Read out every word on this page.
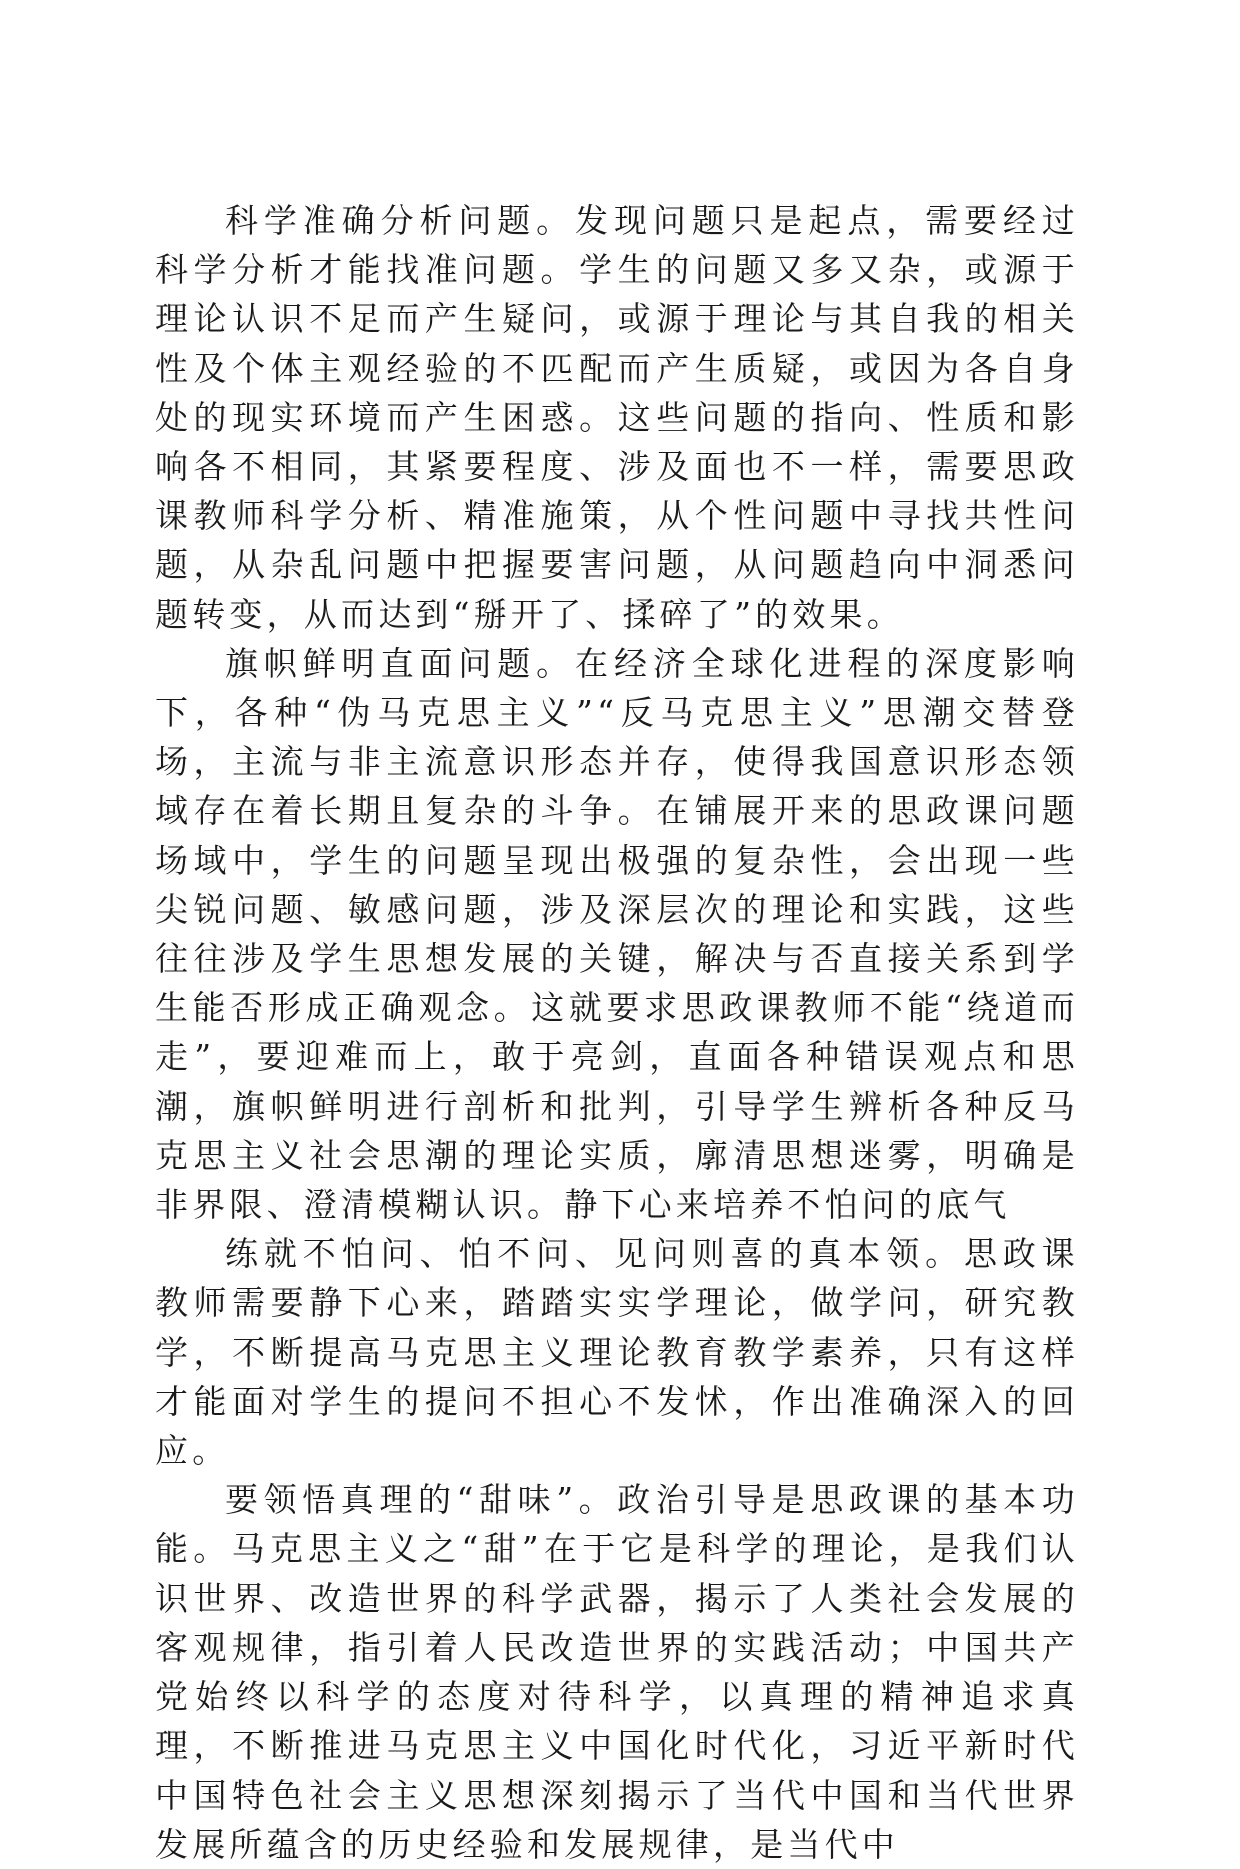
科学准确分析问题。发现问题只是起点，需要经过科学分析才能找准问题。学生的问题又多又杂，或源于理论认识不足而产生疑问，或源于理论与其自我的相关性及个体主观经验的不匹配而产生质疑，或因为各自身处的现实环境而产生困惑。这些问题的指向、性质和影响各不相同，其紧要程度、涉及面也不一样，需要思政课教师科学分析、精准施策，从个性问题中寻找共性问题，从杂乱问题中把握要害问题，从问题趋向中洞悉问题转变，从而达到“掰开了、揉碎了”的效果。

旗帜鲜明直面问题。在经济全球化进程的深度影响下，各种“伪马克思主义”“反马克思主义”思潮交替登场，主流与非主流意识形态并存，使得我国意识形态领域存在着长期且复杂的斗争。在铺展开来的思政课问题场域中，学生的问题呈现出极强的复杂性，会出现一些尖锐问题、敏感问题，涉及深层次的理论和实践，这些往往涉及学生思想发展的关键，解决与否直接关系到学生能否形成正确观念。这就要求思政课教师不能“绕道而走”，要迎难而上，敢于亮剑，直面各种错误观点和思潮，旗帜鲜明进行剖析和批判，引导学生辨析各种反马克思主义社会思潮的理论实质，廓清思想迷雾，明确是非界限、澄清模糊认识。静下心来培养不怕问的底气

练就不怕问、怕不问、见问则喜的真本领。思政课教师需要静下心来，踏踏实实学理论，做学问，研究教学，不断提高马克思主义理论教育教学素养，只有这样才能面对学生的提问不担心不发怵，作出准确深入的回应。

要领悟真理的“甜味”。政治引导是思政课的基本功能。马克思主义之“甜”在于它是科学的理论，是我们认识世界、改造世界的科学武器，揭示了人类社会发展的客观规律，指引着人民改造世界的实践活动；中国共产党始终以科学的态度对待科学，以真理的精神追求真理，不断推进马克思主义中国化时代化，习近平新时代中国特色社会主义思想深刻揭示了当代中国和当代世界发展所蕴含的历史经验和发展规律，是当代中
